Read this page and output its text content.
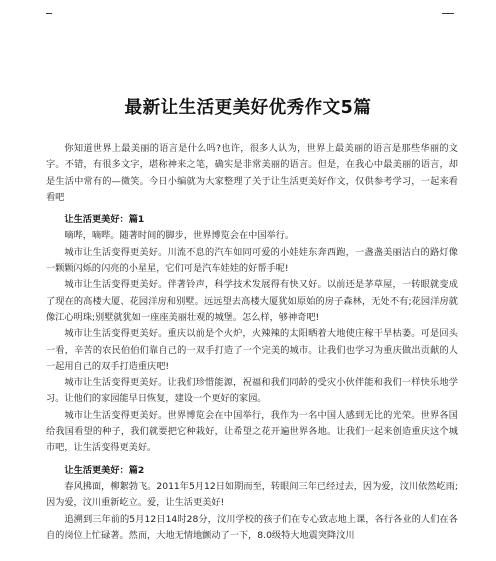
最新让生活更美好优秀作文5篇

你知道世界上最美丽的语言是什么吗?也许，很多人认为，世界上最美丽的语言是那些华丽的文字。不错，有很多文字，堪称神来之笔，确实是非常美丽的语言。但是，在我心中最美丽的语言，却是生活中常有的—微笑。今日小编就为大家整理了关于让生活更美好作文，仅供参考学习，一起来看看吧

让生活更美好：篇1

嘀哔，嘀哔。随著时间的脚步，世界博览会在中国举行。

城市让生活变得更美好。川流不息的汽车如同可爱的小娃娃东奔西跑，一盏盏美丽洁白的路灯像一颗颗闪烁的闪亮的小星星，它们可是汽车娃娃的好帮手呢!

城市让生活变得更美好。伴著铃声，科学技术发展得有快又好。以前还是茅草屋，一转眼就变成了现在的高楼大厦、花园洋房和别墅。远远望去高楼大厦犹如原始的房子森林，无处不有;花园洋房就像江心明珠;别墅就犹如一座座美丽壮观的城堡。怎么样，够神奇吧!

城市让生活变得更美好。重庆以前是个火炉，火辣辣的太阳晒着大地使庄稼干旱枯萎。可是回头一看，辛苦的农民伯伯们靠自己的一双手打造了一个完美的城市。让我们也学习为重庆做出贡献的人一起用自己的双手打造重庆吧!

城市让生活变得更美好。让我们珍惜能源，祝福和我们同龄的受灾小伙伴能和我们一样快乐地学习。让他们的家园能早日恢复，建设一个更好的家园。

城市让生活变得更美好。世界博览会在中国举行，我作为一名中国人感到无比的光荣。世界各国给我国看望的种子，我们就要把它种栽好，让希望之花开遍世界各地。让我们一起来创造重庆这个城市吧，让生活变得更美好。

让生活更美好：篇2

春风拂面，柳絮勃飞。2011年5月12日如期而至，转眼间三年已经过去，因为爱，汶川依然屹雨;因为爱，汶川重新屹立。爱，让生活更美好!

追溯到三年前的5月12日14时28分，汶川学校的孩子们在专心致志地上课，各行各业的人们在各自的岗位上忙碌著。然而，大地无情地颤动了一下，8.0级特大地震突降汶川
